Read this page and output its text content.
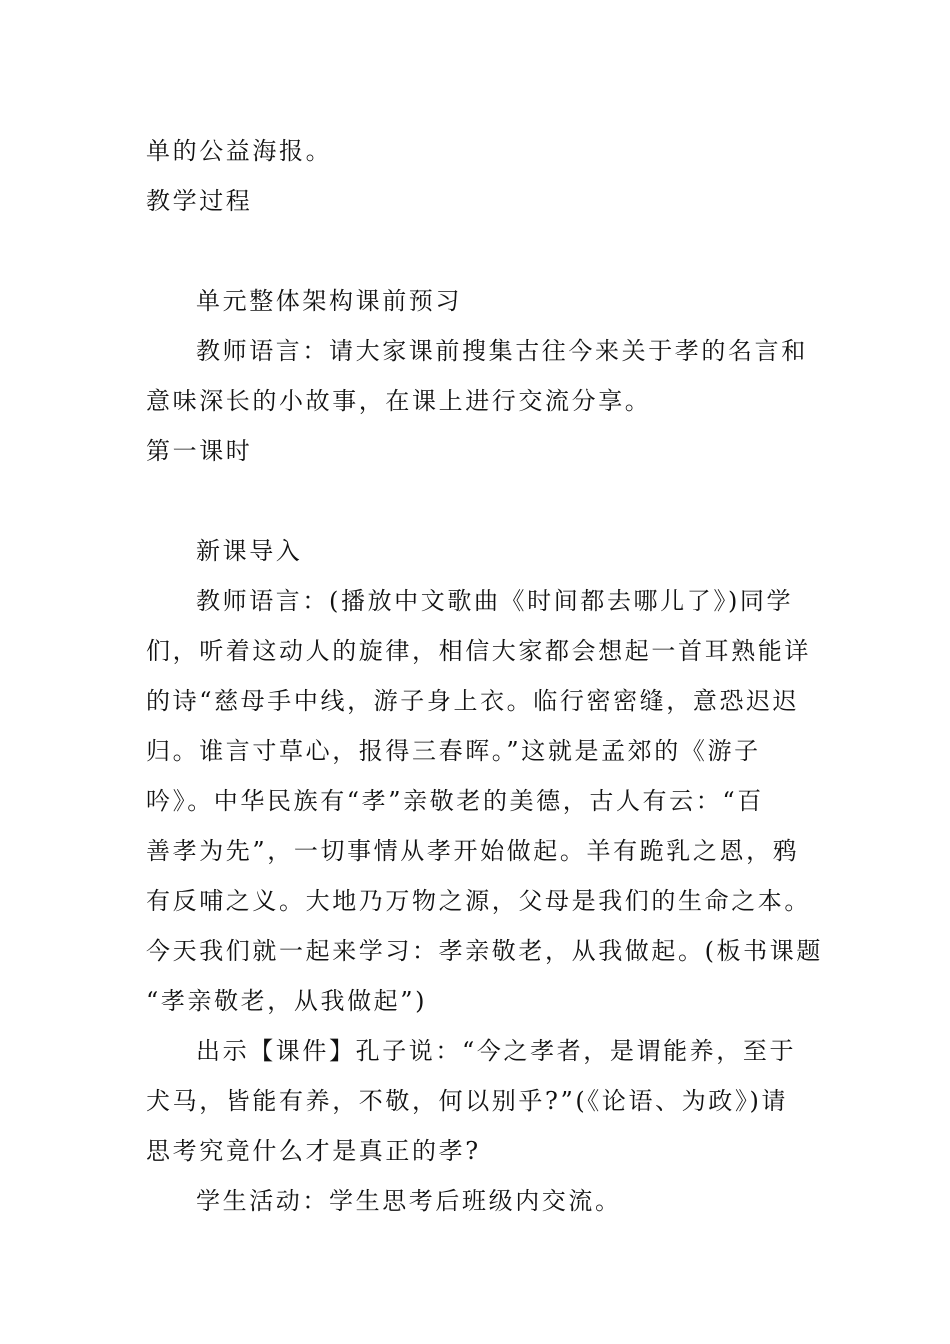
单的公益海报。
教学过程
单元整体架构课前预习
教师语言：请大家课前搜集古往今来关于孝的名言和
意味深长的小故事，在课上进行交流分享。
第一课时
新课导入
教师语言：(播放中文歌曲《时间都去哪儿了》)同学
们，听着这动人的旋律，相信大家都会想起一首耳熟能详
的诗“慈母手中线，游子身上衣。临行密密缝，意恐迟迟
归。谁言寸草心，报得三春晖。”这就是孟郊的《游子
吟》。中华民族有“孝”亲敬老的美德，古人有云：“百
善孝为先”，一切事情从孝开始做起。羊有跪乳之恩，鸦
有反哺之义。大地乃万物之源，父母是我们的生命之本。
今天我们就一起来学习：孝亲敬老，从我做起。(板书课题
“孝亲敬老，从我做起”)
出示【课件】孔子说：“今之孝者，是谓能养，至于
犬马，皆能有养，不敬，何以别乎?”(《论语、为政》)请
思考究竟什么才是真正的孝?
学生活动：学生思考后班级内交流。
